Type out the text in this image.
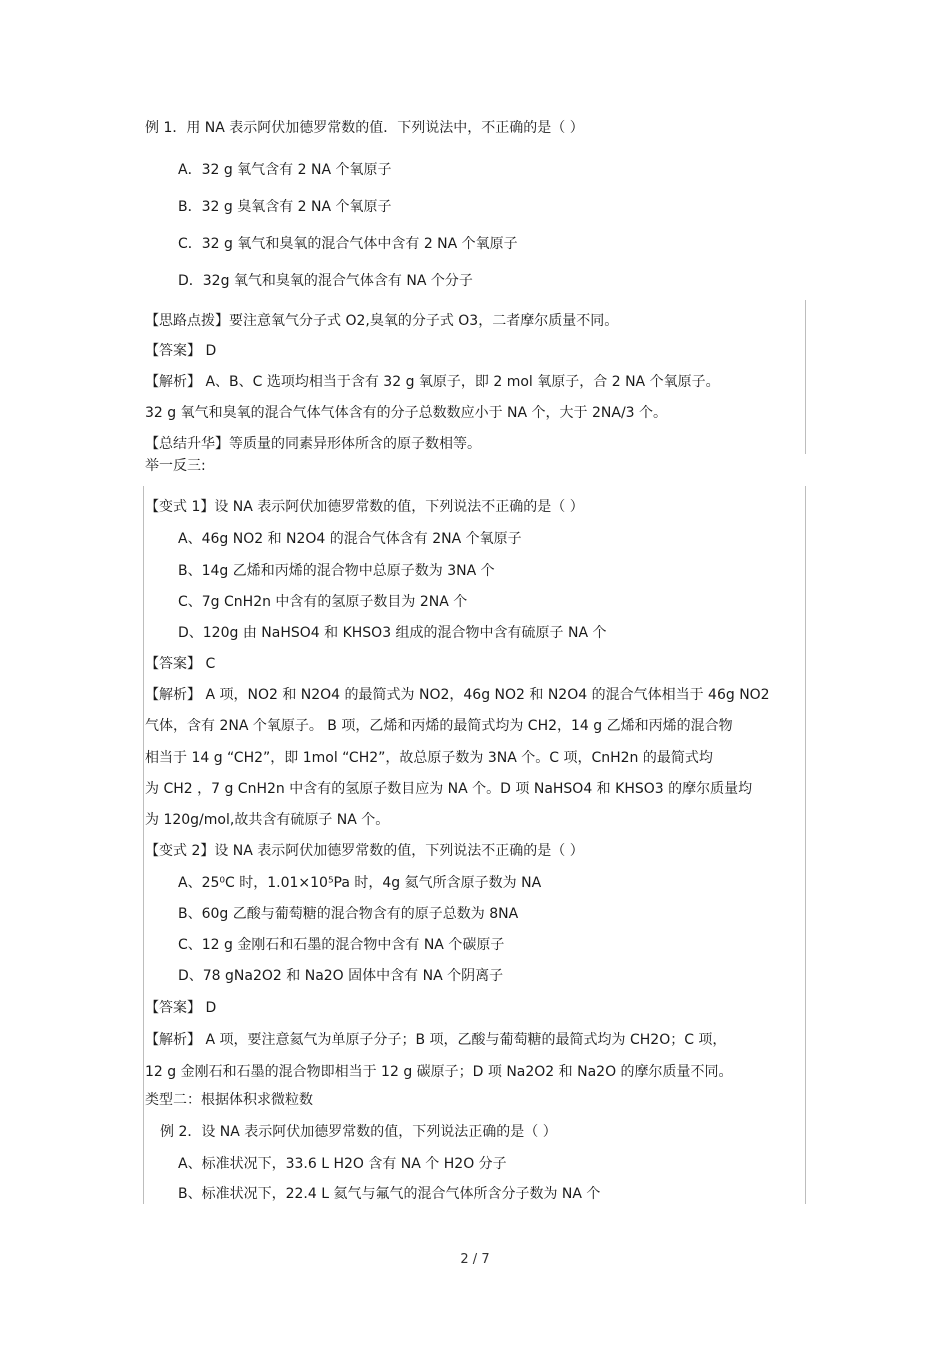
例 1．用 NA 表示阿伏加德罗常数的值．下列说法中，不正确的是（ ）
A．32 g 氧气含有 2 NA 个氧原子
B．32 g 臭氧含有 2 NA 个氧原子
C．32 g 氧气和臭氧的混合气体中含有 2 NA 个氧原子
D．32g 氧气和臭氧的混合气体含有 NA 个分子
【思路点拨】要注意氧气分子式 O2,臭氧的分子式 O3，二者摩尔质量不同。
【答案】 D
【解析】 A、B、C 选项均相当于含有 32 g 氧原子，即 2 mol 氧原子，合 2 NA 个氧原子。
32 g 氧气和臭氧的混合气体气体含有的分子总数数应小于 NA 个，大于 2NA/3 个。
【总结升华】等质量的同素异形体所含的原子数相等。
举一反三:
【变式 1】设 NA 表示阿伏加德罗常数的值，下列说法不正确的是（ ）
A、46g NO2 和 N2O4 的混合气体含有 2NA 个氧原子
B、14g 乙烯和丙烯的混合物中总原子数为 3NA 个
C、7g CnH2n 中含有的氢原子数目为 2NA 个
D、120g 由 NaHSO4 和 KHSO3 组成的混合物中含有硫原子 NA 个
【答案】 C
【解析】 A 项，NO2 和 N2O4 的最简式为 NO2，46g NO2 和 N2O4 的混合气体相当于 46g NO2
气体，含有 2NA 个氧原子。 B 项，乙烯和丙烯的最简式均为 CH2，14 g 乙烯和丙烯的混合物
相当于 14 g “CH2”，即 1mol “CH2”，故总原子数为 3NA 个。C 项，CnH2n 的最简式均
为 CH2 ，7 g CnH2n 中含有的氢原子数目应为 NA 个。D 项 NaHSO4 和 KHSO3 的摩尔质量均
为 120g/mol,故共含有硫原子 NA 个。
【变式 2】设 NA 表示阿伏加德罗常数的值，下列说法不正确的是（ ）
A、25⁰C 时，1.01×10⁵Pa 时，4g 氦气所含原子数为 NA
B、60g 乙酸与葡萄糖的混合物含有的原子总数为 8NA
C、12 g 金刚石和石墨的混合物中含有 NA 个碳原子
D、78 gNa2O2 和 Na2O 固体中含有 NA 个阴离子
【答案】 D
【解析】 A 项，要注意氦气为单原子分子；B 项，乙酸与葡萄糖的最简式均为 CH2O；C 项，
12 g 金刚石和石墨的混合物即相当于 12 g 碳原子；D 项 Na2O2 和 Na2O 的摩尔质量不同。
类型二：根据体积求微粒数
例 2．设 NA 表示阿伏加德罗常数的值，下列说法正确的是（ ）
A、标准状况下，33.6 L H2O 含有 NA 个 H2O 分子
B、标准状况下，22.4 L 氦气与氟气的混合气体所含分子数为 NA 个
2 / 7
